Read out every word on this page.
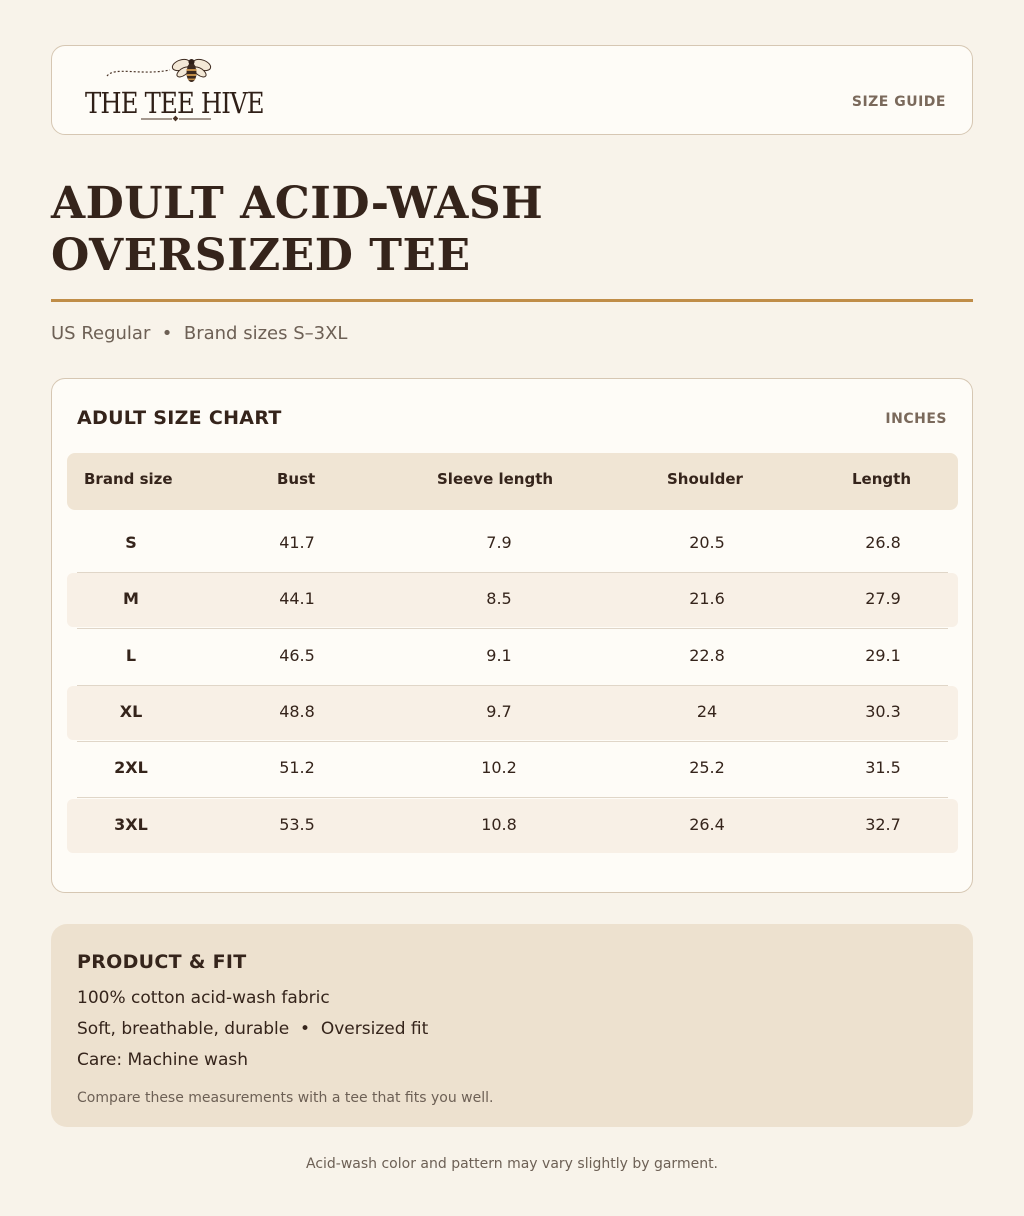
THE TEE HIVE	SIZE GUIDE
ADULT ACID-WASH
OVERSIZED TEE
US Regular  •  Brand sizes S–3XL
ADULT SIZE CHART	INCHES
Brand size	Bust	Sleeve length	Shoulder	Length
S	41.7	7.9	20.5	26.8
M	44.1	8.5	21.6	27.9
L	46.5	9.1	22.8	29.1
XL	48.8	9.7	24	30.3
2XL	51.2	10.2	25.2	31.5
3XL	53.5	10.8	26.4	32.7
PRODUCT & FIT
100% cotton acid-wash fabric
Soft, breathable, durable  •  Oversized fit
Care: Machine wash
Compare these measurements with a tee that fits you well.
Acid-wash color and pattern may vary slightly by garment.
